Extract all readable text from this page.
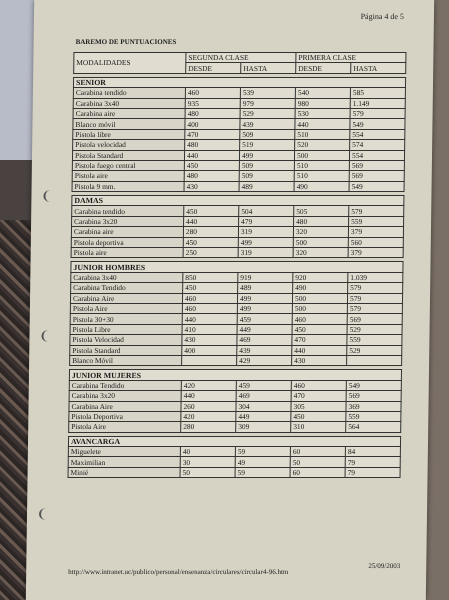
Página 4 de 5
BAREMO DE PUNTUACIONES
MODALIDADES	SEGUNDA CLASE		PRIMERA CLASE	
	DESDE	HASTA	DESDE	HASTA

SENIOR				
Carabina tendido	460	539	540	585
Carabina 3x40	935	979	980	1.149
Carabina aire	480	529	530	579
Blanco móvil	400	439	440	549
Pistola libre	470	509	510	554
Pistola velocidad	480	519	520	574
Pistola Standard	440	499	500	554
Pistola fuego central	450	509	510	569
Pistola aire	480	509	510	569
Pistola 9 mm.	430	489	490	549

DAMAS				
Carabina tendido	450	504	505	579
Carabina 3x20	440	479	480	559
Carabina aire	280	319	320	379
Pistola deportiva	450	499	500	560
Pistola aire	250	319	320	379

JUNIOR HOMBRES				
Carabina 3x40	850	919	920	1.039
Carabina Tendido	450	489	490	579
Carabina Aire	460	499	500	579
Pistola Aire	460	499	500	579
Pistola 30+30	440	459	460	569
Pistola Libre	410	449	450	529
Pistola Velocidad	430	469	470	559
Pistola Standard	400	439	440	529
Blanco Móvil		429	430	

JUNIOR MUJERES				
Carabina Tendido	420	459	460	549
Carabina 3x20	440	469	470	569
Carabina Aire	260	304	305	369
Pistola Deportiva	420	449	450	559
Pistola Aire	280	309	310	564

AVANCARGA				
Miguelete	40	59	60	84
Maximilian	30	49	50	79
Minié	50	59	60	79
http://www.intranet.uc/publico/personal/ensenanza/circulares/circular4-96.htm
25/09/2003
